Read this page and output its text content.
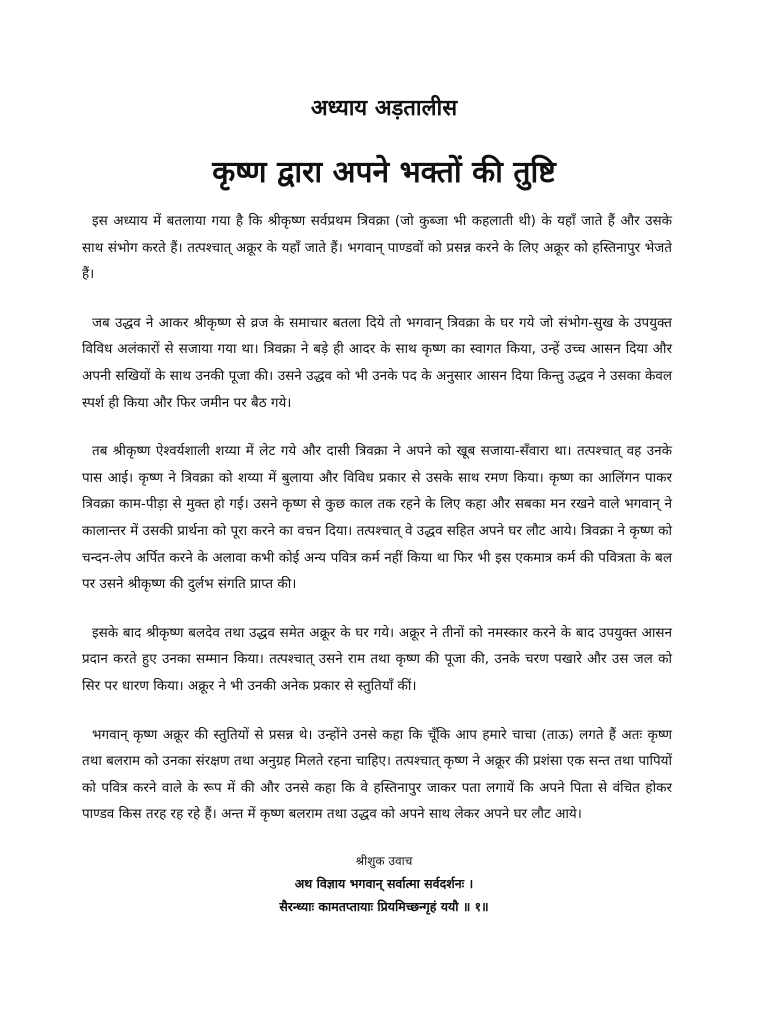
अध्याय अड़तालीस
कृष्ण द्वारा अपने भक्तों की तुष्टि

इस अध्याय में बतलाया गया है कि श्रीकृष्ण सर्वप्रथम त्रिवक्रा (जो कुब्जा भी कहलाती थी) के यहाँ जाते हैं और उसके साथ संभोग करते हैं। तत्पश्चात् अक्रूर के यहाँ जाते हैं। भगवान् पाण्डवों को प्रसन्न करने के लिए अक्रूर को हस्तिनापुर भेजते हैं।

जब उद्धव ने आकर श्रीकृष्ण से व्रज के समाचार बतला दिये तो भगवान् त्रिवक्रा के घर गये जो संभोग-सुख के उपयुक्त विविध अलंकारों से सजाया गया था। त्रिवक्रा ने बड़े ही आदर के साथ कृष्ण का स्वागत किया, उन्हें उच्च आसन दिया और अपनी सखियों के साथ उनकी पूजा की। उसने उद्धव को भी उनके पद के अनुसार आसन दिया किन्तु उद्धव ने उसका केवल स्पर्श ही किया और फिर जमीन पर बैठ गये।

तब श्रीकृष्ण ऐश्वर्यशाली शय्या में लेट गये और दासी त्रिवक्रा ने अपने को खूब सजाया-सँवारा था। तत्पश्चात् वह उनके पास आई। कृष्ण ने त्रिवक्रा को शय्या में बुलाया और विविध प्रकार से उसके साथ रमण किया। कृष्ण का आलिंगन पाकर त्रिवक्रा काम-पीड़ा से मुक्त हो गई। उसने कृष्ण से कुछ काल तक रहने के लिए कहा और सबका मन रखने वाले भगवान् ने कालान्तर में उसकी प्रार्थना को पूरा करने का वचन दिया। तत्पश्चात् वे उद्धव सहित अपने घर लौट आये। त्रिवक्रा ने कृष्ण को चन्दन-लेप अर्पित करने के अलावा कभी कोई अन्य पवित्र कर्म नहीं किया था फिर भी इस एकमात्र कर्म की पवित्रता के बल पर उसने श्रीकृष्ण की दुर्लभ संगति प्राप्त की।

इसके बाद श्रीकृष्ण बलदेव तथा उद्धव समेत अक्रूर के घर गये। अक्रूर ने तीनों को नमस्कार करने के बाद उपयुक्त आसन प्रदान करते हुए उनका सम्मान किया। तत्पश्चात् उसने राम तथा कृष्ण की पूजा की, उनके चरण पखारे और उस जल को सिर पर धारण किया। अक्रूर ने भी उनकी अनेक प्रकार से स्तुतियाँ कीं।

भगवान् कृष्ण अक्रूर की स्तुतियों से प्रसन्न थे। उन्होंने उनसे कहा कि चूँकि आप हमारे चाचा (ताऊ) लगते हैं अतः कृष्ण तथा बलराम को उनका संरक्षण तथा अनुग्रह मिलते रहना चाहिए। तत्पश्चात् कृष्ण ने अक्रूर की प्रशंसा एक सन्त तथा पापियों को पवित्र करने वाले के रूप में की और उनसे कहा कि वे हस्तिनापुर जाकर पता लगायें कि अपने पिता से वंचित होकर पाण्डव किस तरह रह रहे हैं। अन्त में कृष्ण बलराम तथा उद्धव को अपने साथ लेकर अपने घर लौट आये।

श्रीशुक उवाच

अथ विज्ञाय भगवान् सर्वात्मा सर्वदर्शनः ।

सैरन्ध्याः कामतप्तायाः प्रियमिच्छन्गृहं ययौ ॥ १॥
